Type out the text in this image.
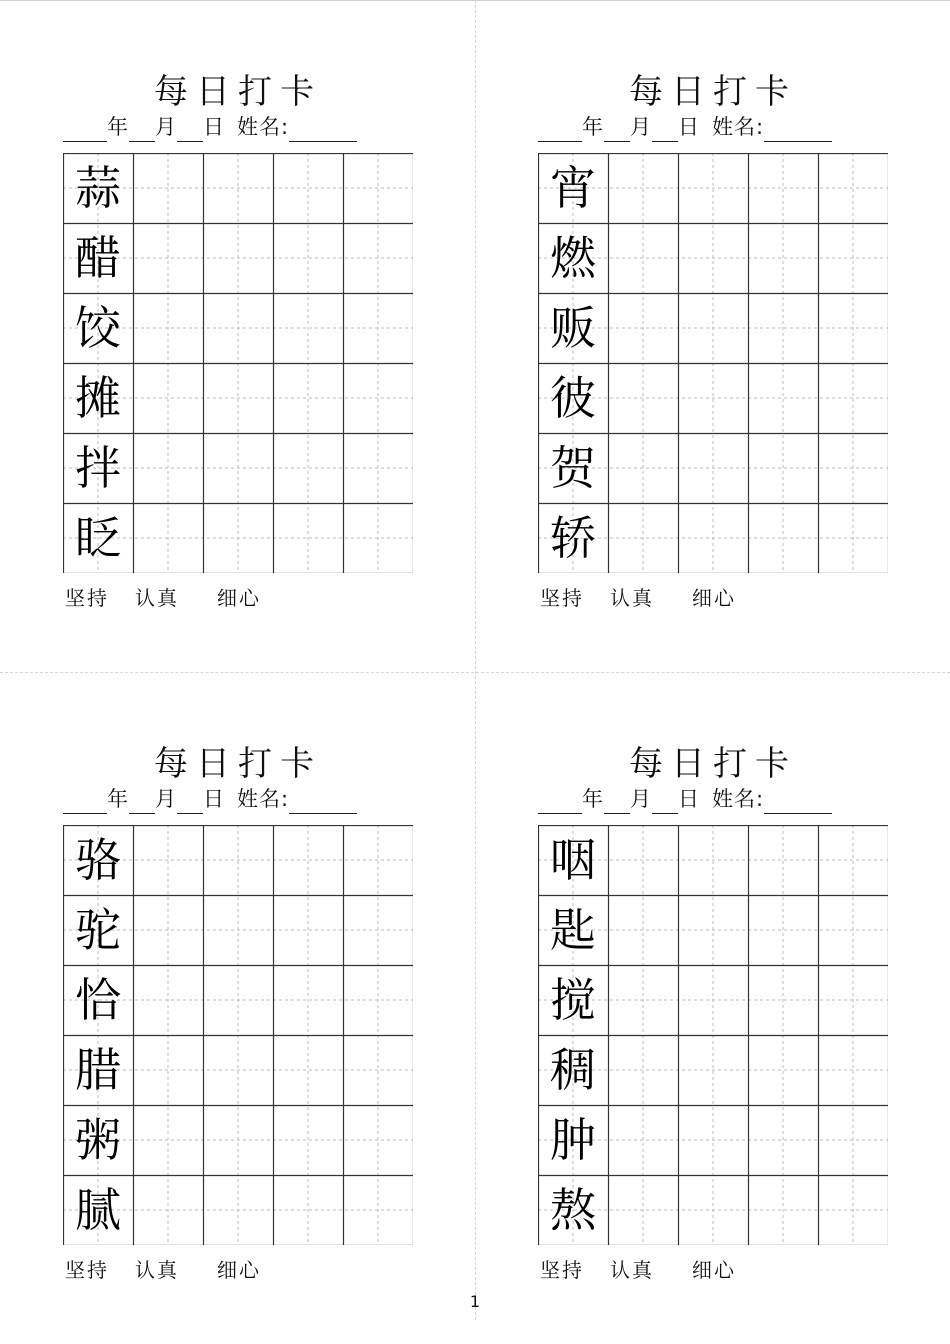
每日打卡
年 月 日 姓名:
蒜
醋
饺
摊
拌
眨
坚持 认真 细心
每日打卡
年 月 日 姓名:
宵
燃
贩
彼
贺
轿
坚持 认真 细心
每日打卡
年 月 日 姓名:
骆
驼
恰
腊
粥
腻
坚持 认真 细心
每日打卡
年 月 日 姓名:
咽
匙
搅
稠
肿
熬
坚持 认真 细心
1
